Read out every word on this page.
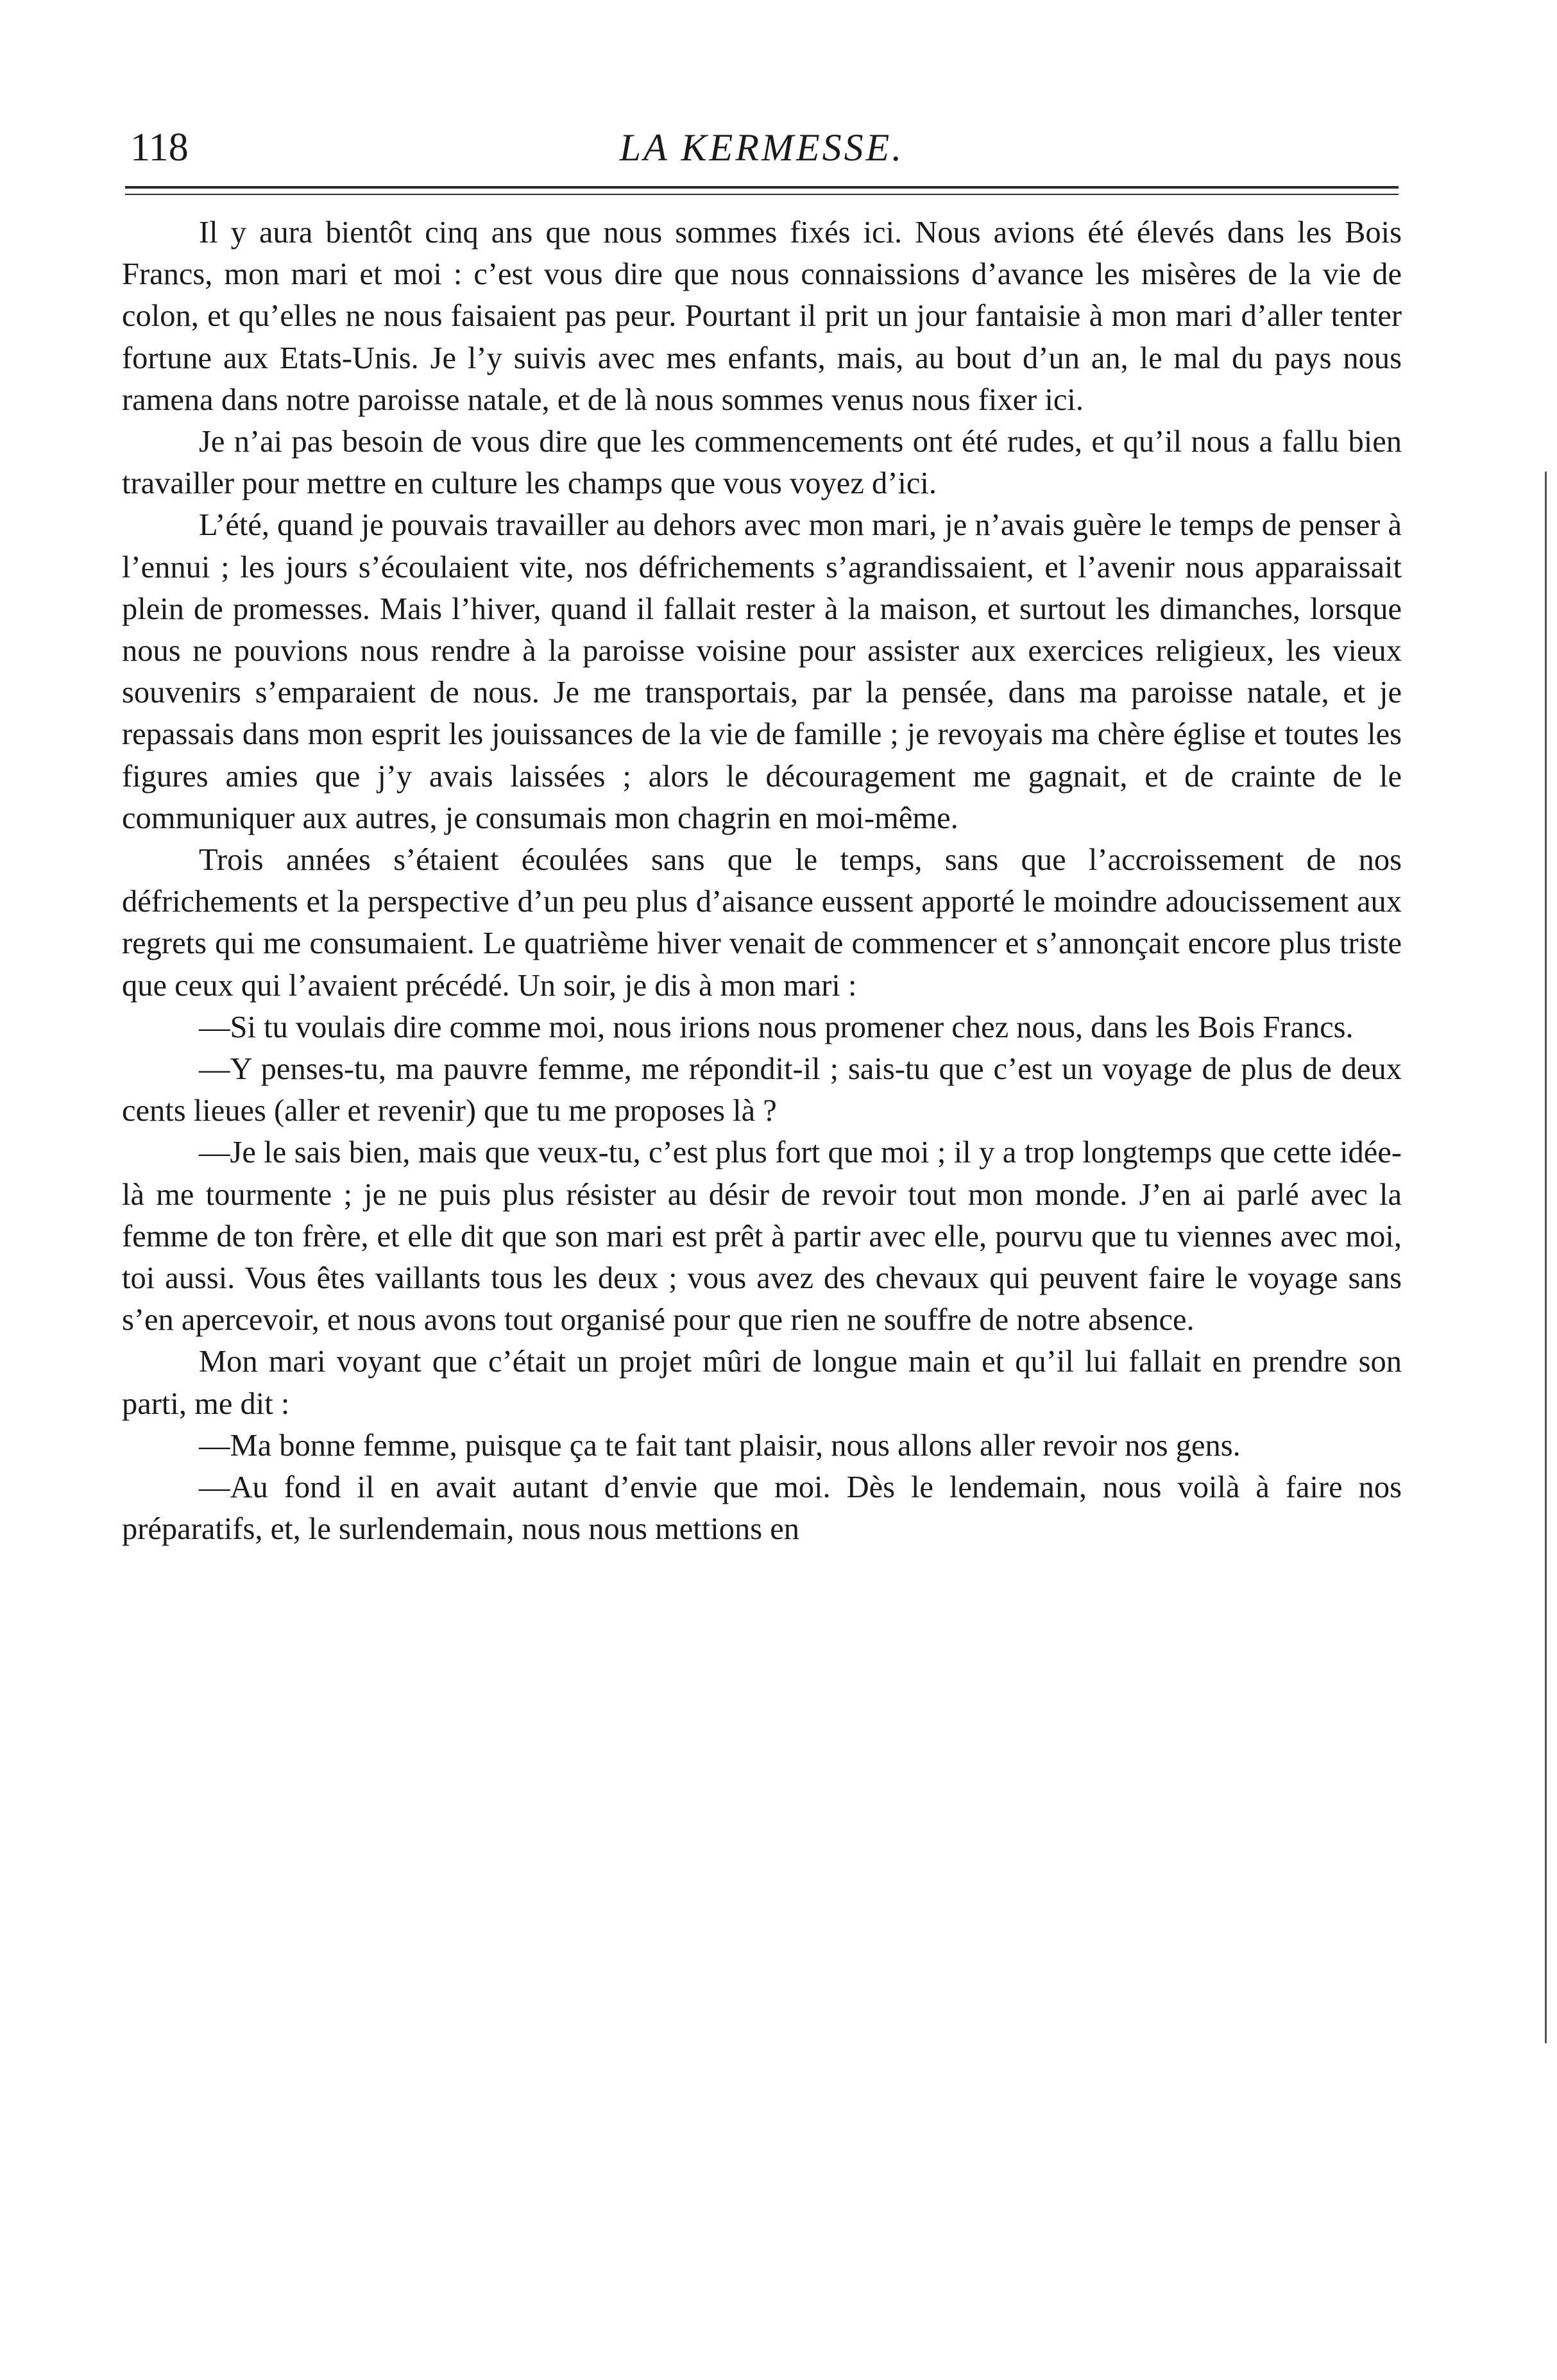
118	LA KERMESSE.

Il y aura bientôt cinq ans que nous sommes fixés ici. Nous avions été élevés dans les Bois Francs, mon mari et moi : c’est vous dire que nous connaissions d’avance les misères de la vie de colon, et qu’elles ne nous faisaient pas peur. Pourtant il prit un jour fantaisie à mon mari d’aller tenter fortune aux Etats-Unis. Je l’y suivis avec mes enfants, mais, au bout d’un an, le mal du pays nous ramena dans notre paroisse natale, et de là nous sommes venus nous fixer ici.

Je n’ai pas besoin de vous dire que les commencements ont été rudes, et qu’il nous a fallu bien travailler pour mettre en culture les champs que vous voyez d’ici.

L’été, quand je pouvais travailler au dehors avec mon mari, je n’avais guère le temps de penser à l’ennui ; les jours s’écoulaient vite, nos défrichements s’agrandissaient, et l’avenir nous apparaissait plein de promesses. Mais l’hiver, quand il fallait rester à la maison, et surtout les dimanches, lorsque nous ne pouvions nous rendre à la paroisse voisine pour assister aux exercices religieux, les vieux souvenirs s’emparaient de nous. Je me transportais, par la pensée, dans ma paroisse natale, et je repassais dans mon esprit les jouissances de la vie de famille ; je revoyais ma chère église et toutes les figures amies que j’y avais laissées ; alors le découragement me gagnait, et de crainte de le communiquer aux autres, je consumais mon chagrin en moi-même.

Trois années s’étaient écoulées sans que le temps, sans que l’accroissement de nos défrichements et la perspective d’un peu plus d’aisance eussent apporté le moindre adoucissement aux regrets qui me consumaient. Le quatrième hiver venait de commencer et s’annonçait encore plus triste que ceux qui l’avaient précédé. Un soir, je dis à mon mari :

—Si tu voulais dire comme moi, nous irions nous promener chez nous, dans les Bois Francs.

—Y penses-tu, ma pauvre femme, me répondit-il ; sais-tu que c’est un voyage de plus de deux cents lieues (aller et revenir) que tu me proposes là ?

—Je le sais bien, mais que veux-tu, c’est plus fort que moi ; il y a trop longtemps que cette idée-là me tourmente ; je ne puis plus résister au désir de revoir tout mon monde. J’en ai parlé avec la femme de ton frère, et elle dit que son mari est prêt à partir avec elle, pourvu que tu viennes avec moi, toi aussi. Vous êtes vaillants tous les deux ; vous avez des chevaux qui peuvent faire le voyage sans s’en apercevoir, et nous avons tout organisé pour que rien ne souffre de notre absence.

Mon mari voyant que c’était un projet mûri de longue main et qu’il lui fallait en prendre son parti, me dit :

—Ma bonne femme, puisque ça te fait tant plaisir, nous allons aller revoir nos gens.

—Au fond il en avait autant d’envie que moi. Dès le lendemain, nous voilà à faire nos préparatifs, et, le surlendemain, nous nous mettions en
